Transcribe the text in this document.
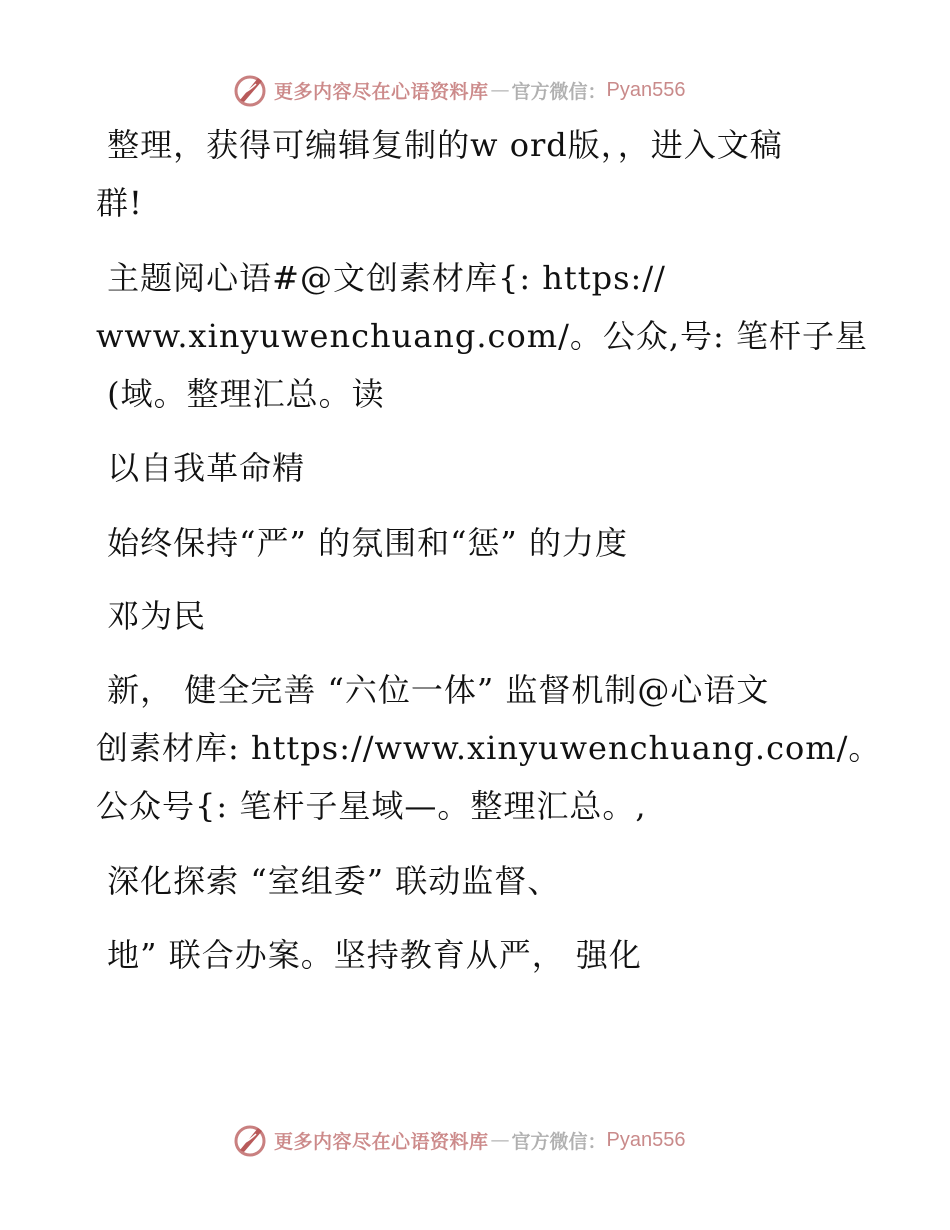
更多内容尽在心语资料库 — 官方微信： Pyan556
整理，获得可编辑复制的w ord版，，进入文稿
群!
主题阅心语#@文创素材库{: https://
www.xinyuwenchuang.com/。公众,号: 笔杆子星
(域。整理汇总。读
以自我革命精
始终保持“严” 的氛围和“惩” 的力度
邓为民
新， 健全完善 “六位一体” 监督机制@心语文
创素材库: https://www.xinyuwenchuang.com/。
公众号{: 笔杆子星域—。整理汇总。,
深化探索 “室组委” 联动监督、
地” 联合办案。坚持教育从严， 强化
更多内容尽在心语资料库 — 官方微信： Pyan556
